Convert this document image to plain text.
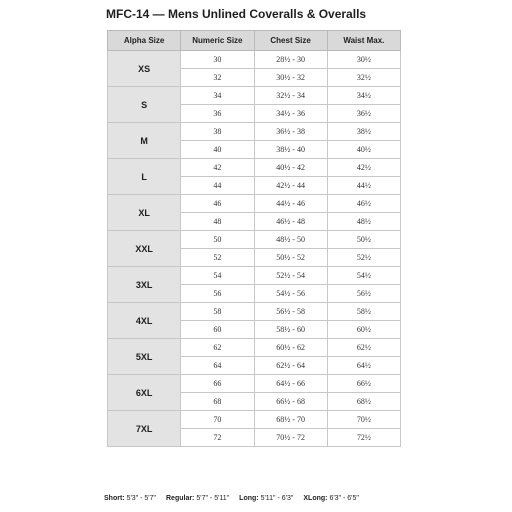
MFC-14 — Mens Unlined Coveralls & Overalls
Alpha Size	Numeric Size	Chest Size	Waist Max.
XS	30	28½ - 30	30½
	32	30½ - 32	32½
S	34	32½ - 34	34½
	36	34½ - 36	36½
M	38	36½ - 38	38½
	40	38½ - 40	40½
L	42	40½ - 42	42½
	44	42½ - 44	44½
XL	46	44½ - 46	46½
	48	46½ - 48	48½
XXL	50	48½ - 50	50½
	52	50½ - 52	52½
3XL	54	52½ - 54	54½
	56	54½ - 56	56½
4XL	58	56½ - 58	58½
	60	58½ - 60	60½
5XL	62	60½ - 62	62½
	64	62½ - 64	64½
6XL	66	64½ - 66	66½
	68	66½ - 68	68½
7XL	70	68½ - 70	70½
	72	70½ - 72	72½
Short: 5'3" - 5'7" Regular: 5'7" - 5'11" Long: 5'11" - 6'3" XLong: 6'3" - 6'5"
